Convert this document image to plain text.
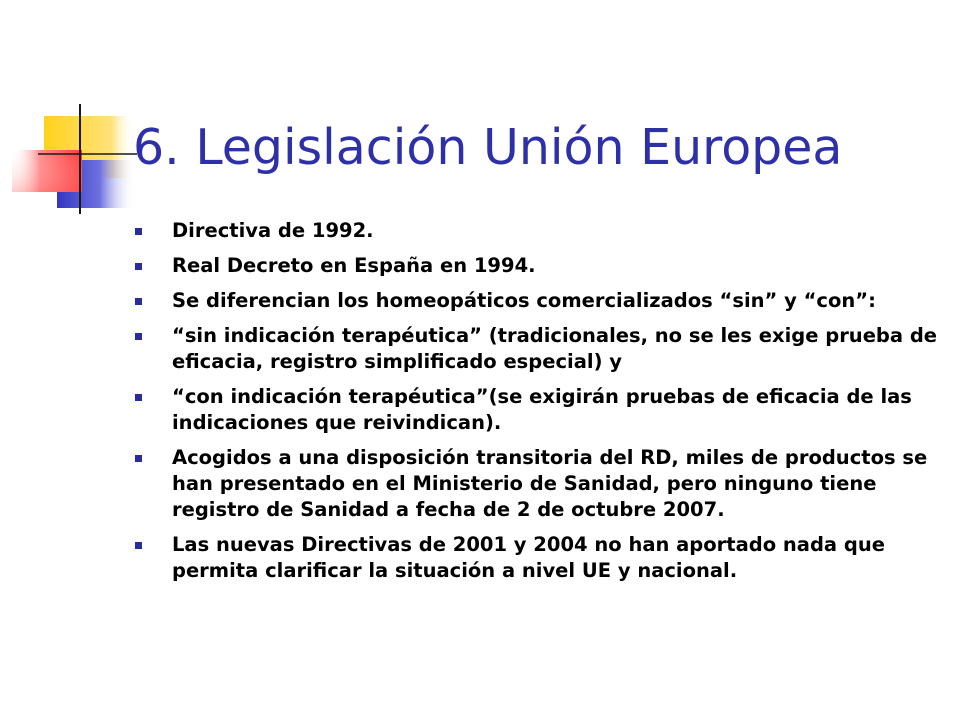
6. Legislación Unión Europea
Directiva de 1992.
Real Decreto en España en 1994.
Se diferencian los homeopáticos comercializados “sin” y “con”:
“sin indicación terapéutica” (tradicionales, no se les exige prueba de eficacia, registro simplificado especial) y
“con indicación terapéutica”(se exigirán pruebas de eficacia de las indicaciones que reivindican).
Acogidos a una disposición transitoria del RD, miles de productos se han presentado en el Ministerio de Sanidad, pero ninguno tiene registro de Sanidad a fecha de 2 de octubre 2007.
Las nuevas Directivas de 2001 y 2004 no han aportado nada que permita clarificar la situación a nivel UE y nacional.
